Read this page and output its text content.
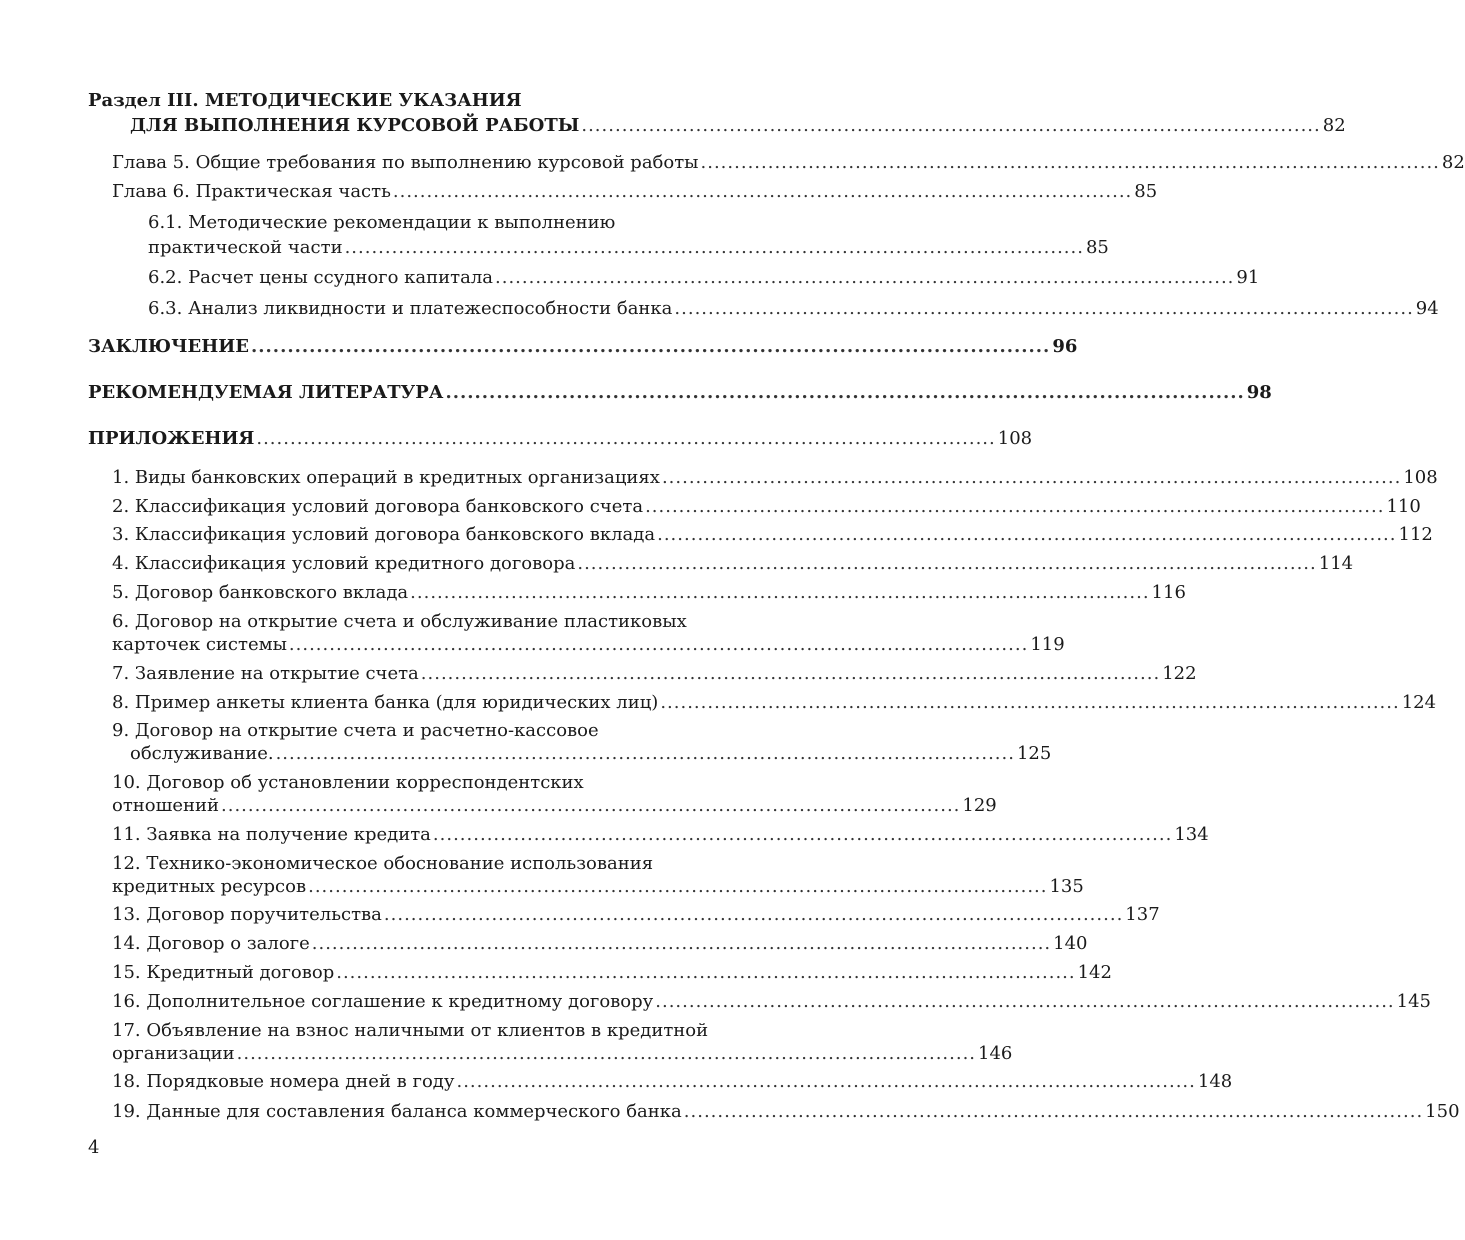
Раздел III. МЕТОДИЧЕСКИЕ УКАЗАНИЯ
ДЛЯ ВЫПОЛНЕНИЯ КУРСОВОЙ РАБОТЫ .............................................................................................................. 82
Глава 5. Общие требования по выполнению курсовой работы .............................................................................................................. 82
Глава 6. Практическая часть .............................................................................................................. 85
6.1. Методические рекомендации к выполнению
практической части .............................................................................................................. 85
6.2. Расчет цены ссудного капитала .............................................................................................................. 91
6.3. Анализ ликвидности и платежеспособности банка .............................................................................................................. 94
ЗАКЛЮЧЕНИЕ .............................................................................................................. 96
РЕКОМЕНДУЕМАЯ ЛИТЕРАТУРА .............................................................................................................. 98
ПРИЛОЖЕНИЯ .............................................................................................................. 108
1. Виды банковских операций в кредитных организациях .............................................................................................................. 108
2. Классификация условий договора банковского счета .............................................................................................................. 110
3. Классификация условий договора банковского вклада .............................................................................................................. 112
4. Классификация условий кредитного договора .............................................................................................................. 114
5. Договор банковского вклада .............................................................................................................. 116
6. Договор на открытие счета и обслуживание пластиковых
карточек системы .............................................................................................................. 119
7. Заявление на открытие счета .............................................................................................................. 122
8. Пример анкеты клиента банка (для юридических лиц) .............................................................................................................. 124
9. Договор на открытие счета и расчетно-кассовое
обслуживание. .............................................................................................................. 125
10. Договор об установлении корреспондентских
отношений .............................................................................................................. 129
11. Заявка на получение кредита .............................................................................................................. 134
12. Технико-экономическое обоснование использования
кредитных ресурсов .............................................................................................................. 135
13. Договор поручительства .............................................................................................................. 137
14. Договор о залоге .............................................................................................................. 140
15. Кредитный договор .............................................................................................................. 142
16. Дополнительное соглашение к кредитному договору .............................................................................................................. 145
17. Объявление на взнос наличными от клиентов в кредитной
организации .............................................................................................................. 146
18. Порядковые номера дней в году .............................................................................................................. 148
19. Данные для составления баланса коммерческого банка .............................................................................................................. 150
4
